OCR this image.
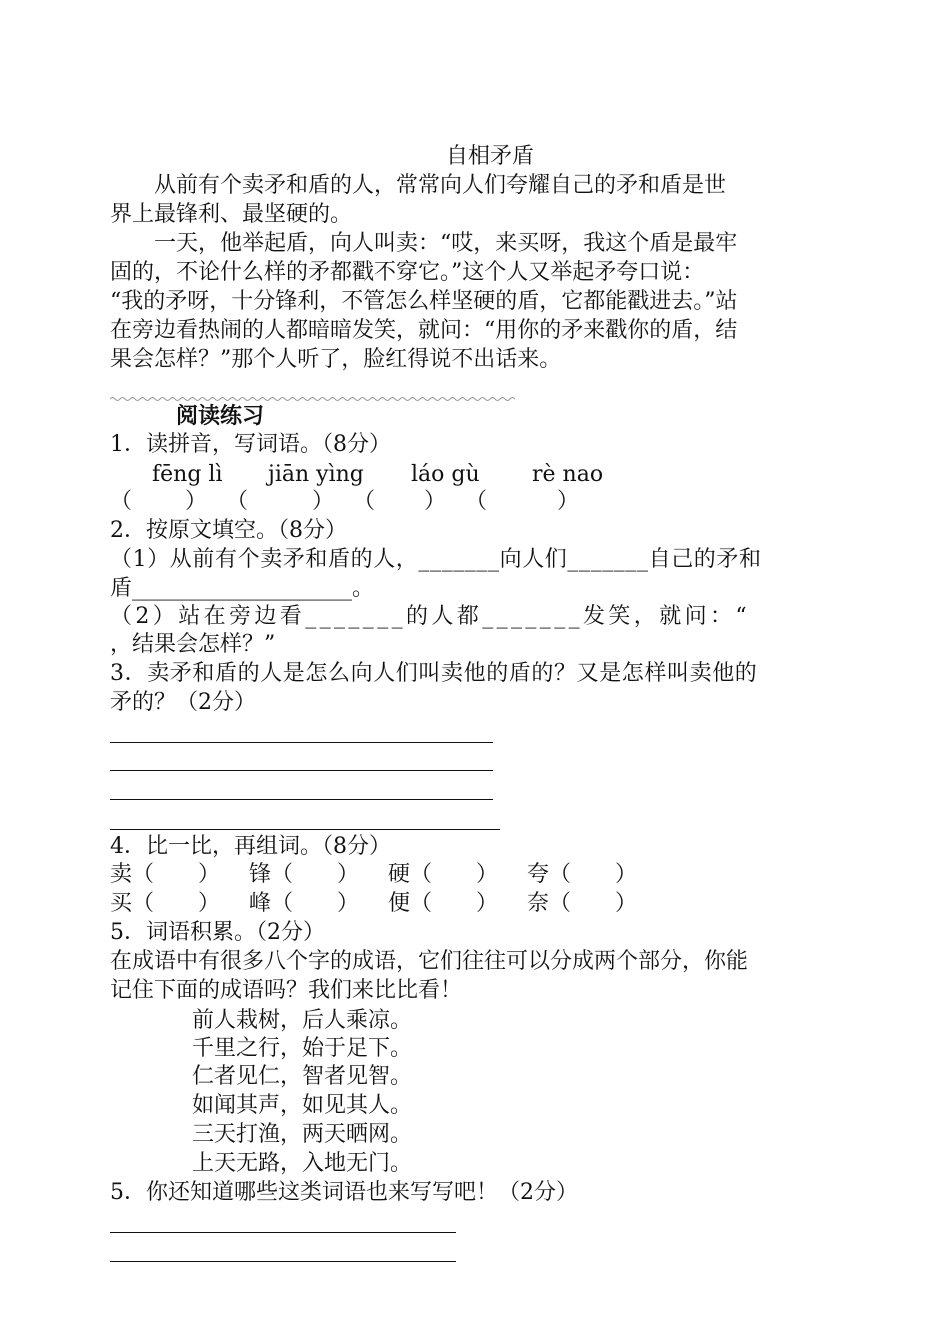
自相矛盾
　　从前有个卖矛和盾的人，常常向人们夸耀自己的矛和盾是世
界上最锋利、最坚硬的。
　　一天，他举起盾，向人叫卖：“哎，来买呀，我这个盾是最牢
固的，不论什么样的矛都戳不穿它。”这个人又举起矛夸口说：
“我的矛呀，十分锋利，不管怎么样坚硬的盾，它都能戳进去。”站
在旁边看热闹的人都暗暗发笑，就问：“用你的矛来戳你的盾，结
果会怎样？”那个人听了，脸红得说不出话来。
阅读练习
1．读拼音，写词语。（8分）
fēng lì jiān yìng láo gù rè nao
（ ） （	） （ ） （	）
2．按原文填空。（8分）
（1）从前有个卖矛和盾的人，_______向人们_______自己的矛和
盾____________________。
（2）站在旁边看_______的人都_______发笑，就问：“
，结果会怎样？”
3．卖矛和盾的人是怎么向人们叫卖他的盾的？又是怎样叫卖他的
矛的？（2分）
4．比一比，再组词。（8分）
卖（　　） 锋（　　） 硬（　　） 夸（　　）
买（　　） 峰（　　） 便（　　） 奈（　　）
5．词语积累。（2分）
在成语中有很多八个字的成语，它们往往可以分成两个部分，你能
记住下面的成语吗？我们来比比看！
前人栽树，后人乘凉。
千里之行，始于足下。
仁者见仁，智者见智。
如闻其声，如见其人。
三天打渔，两天晒网。
上天无路，入地无门。
5．你还知道哪些这类词语也来写写吧！（2分）
